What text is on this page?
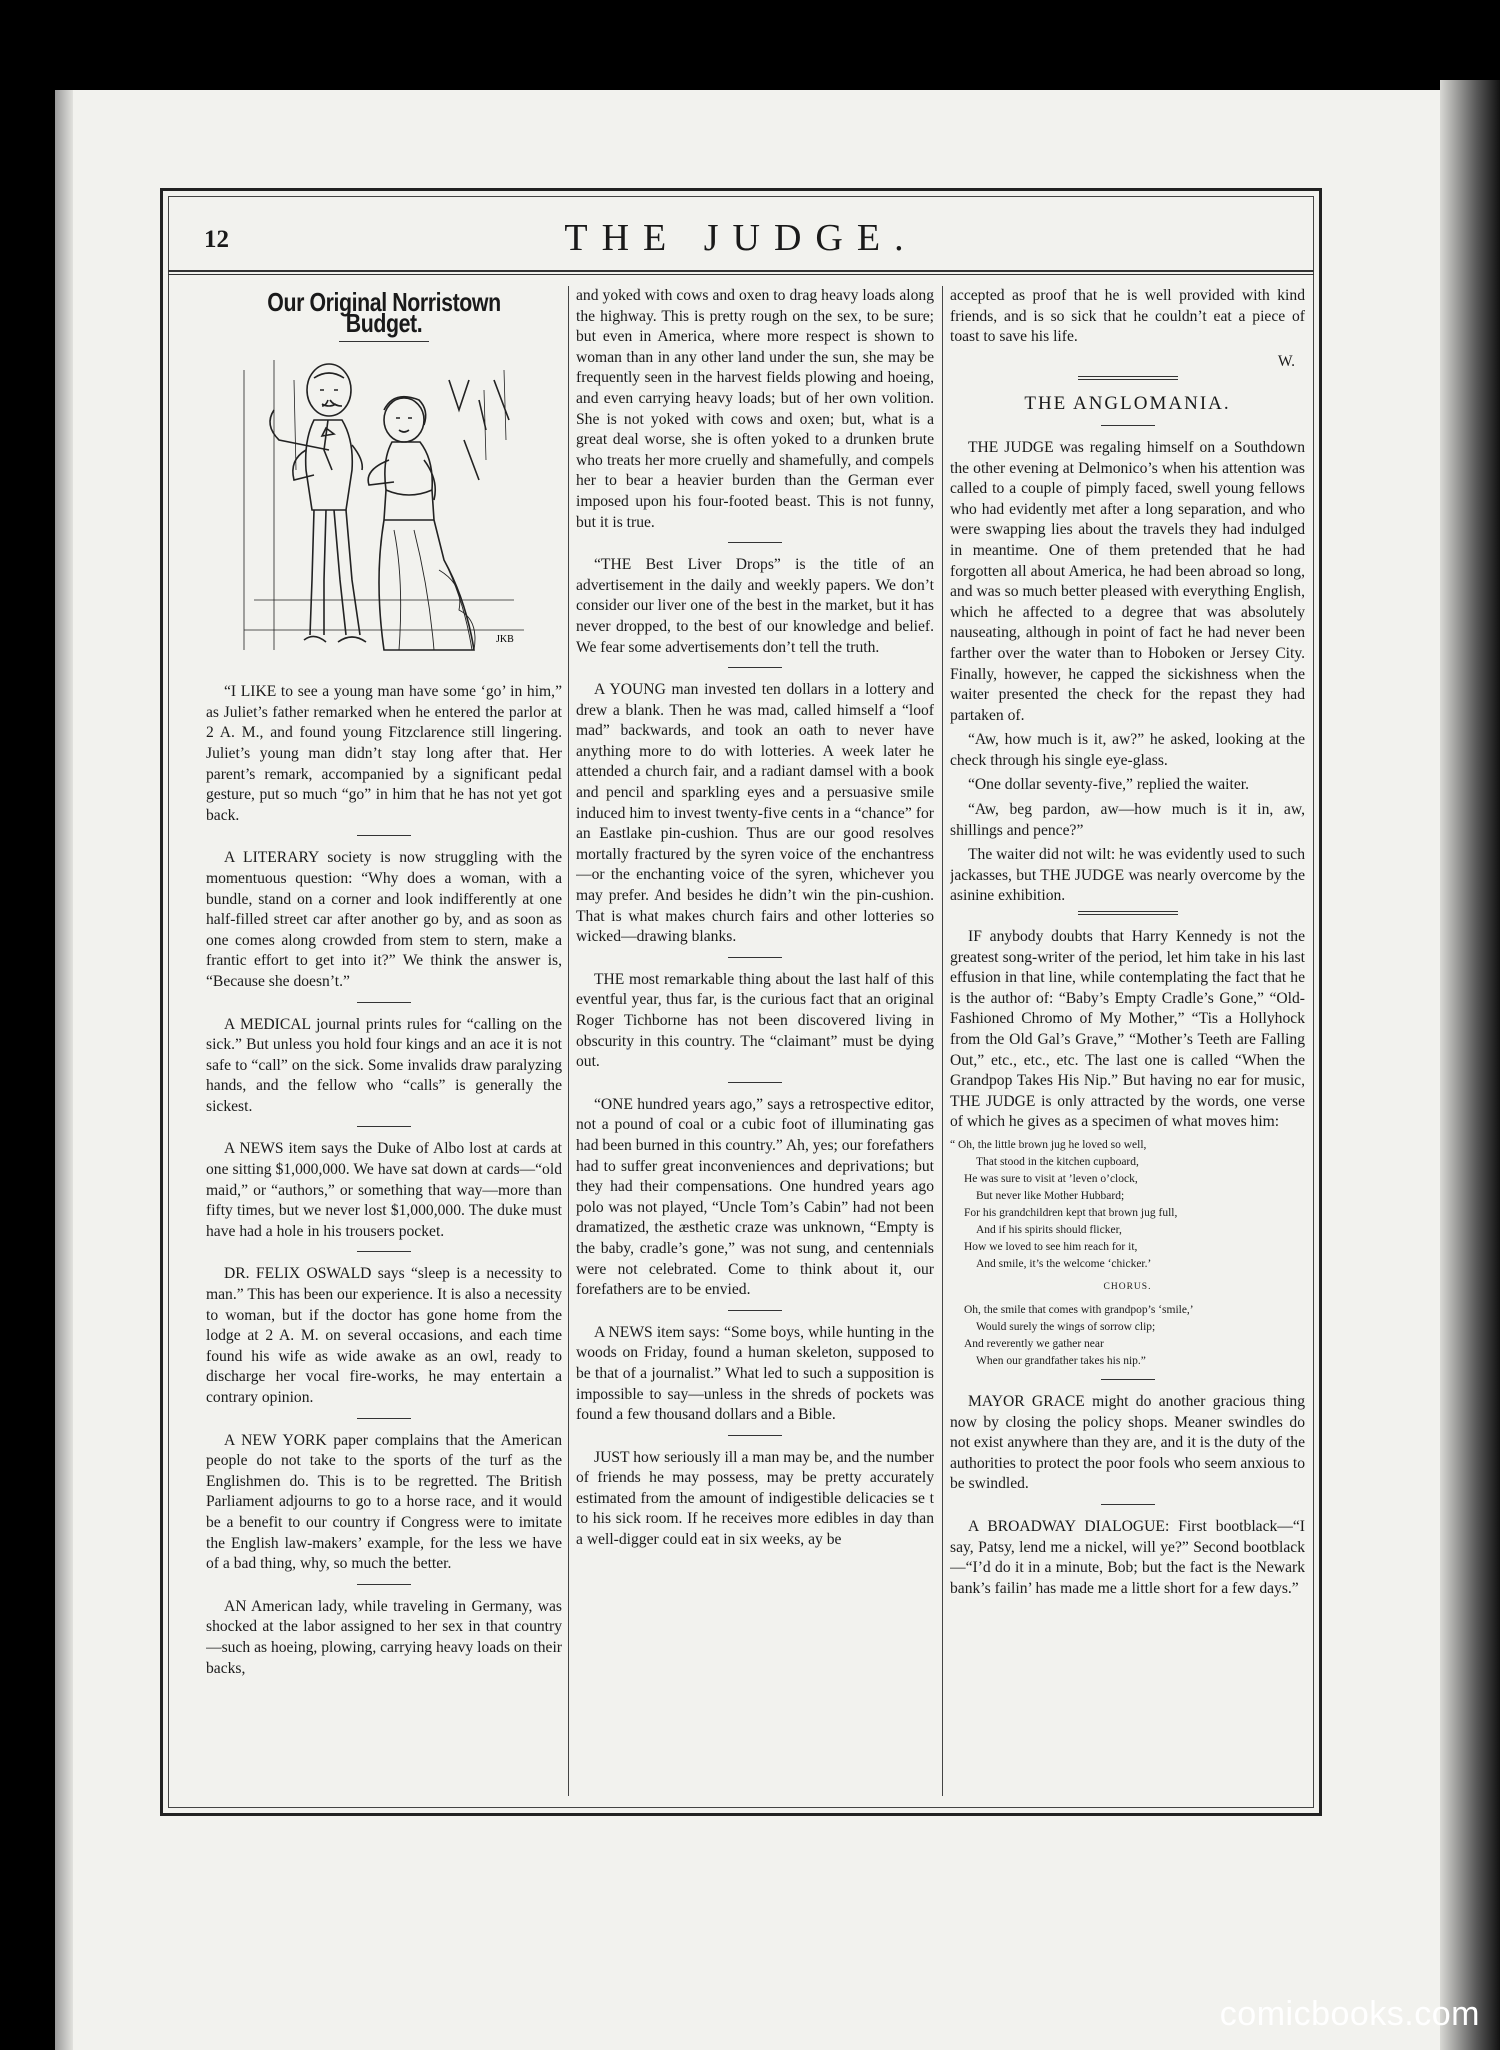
12	THE JUDGE.
Our Original Norristown Budget.
JKB

“I LIKE to see a young man have some ‘go’ in him,” as Juliet’s father remarked when he entered the parlor at 2 A. M., and found young Fitzclarence still lingering. Juliet’s young man didn’t stay long after that. Her parent’s remark, accompanied by a significant pedal gesture, put so much “go” in him that he has not yet got back.

A LITERARY society is now struggling with the momentuous question: “Why does a woman, with a bundle, stand on a corner and look indifferently at one half-filled street car after another go by, and as soon as one comes along crowded from stem to stern, make a frantic effort to get into it?” We think the answer is, “Because she doesn’t.”

A MEDICAL journal prints rules for “calling on the sick.” But unless you hold four kings and an ace it is not safe to “call” on the sick. Some invalids draw paralyzing hands, and the fellow who “calls” is generally the sickest.

A NEWS item says the Duke of Albo lost at cards at one sitting $1,000,000. We have sat down at cards—“old maid,” or “authors,” or something that way—more than fifty times, but we never lost $1,000,000. The duke must have had a hole in his trousers pocket.

DR. FELIX OSWALD says “sleep is a necessity to man.” This has been our experience. It is also a necessity to woman, but if the doctor has gone home from the lodge at 2 A. M. on several occasions, and each time found his wife as wide awake as an owl, ready to discharge her vocal fire-works, he may entertain a contrary opinion.

A NEW YORK paper complains that the American people do not take to the sports of the turf as the Englishmen do. This is to be regretted. The British Parliament adjourns to go to a horse race, and it would be a benefit to our country if Congress were to imitate the English law-makers’ example, for the less we have of a bad thing, why, so much the better.

AN American lady, while traveling in Germany, was shocked at the labor assigned to her sex in that country—such as hoeing, plowing, carrying heavy loads on their backs,

and yoked with cows and oxen to drag heavy loads along the highway. This is pretty rough on the sex, to be sure; but even in America, where more respect is shown to woman than in any other land under the sun, she may be frequently seen in the harvest fields plowing and hoeing, and even carrying heavy loads; but of her own volition. She is not yoked with cows and oxen; but, what is a great deal worse, she is often yoked to a drunken brute who treats her more cruelly and shamefully, and compels her to bear a heavier burden than the German ever imposed upon his four-footed beast. This is not funny, but it is true.

“THE Best Liver Drops” is the title of an advertisement in the daily and weekly papers. We don’t consider our liver one of the best in the market, but it has never dropped, to the best of our knowledge and belief. We fear some advertisements don’t tell the truth.

A YOUNG man invested ten dollars in a lottery and drew a blank. Then he was mad, called himself a “loof mad” backwards, and took an oath to never have anything more to do with lotteries. A week later he attended a church fair, and a radiant damsel with a book and pencil and sparkling eyes and a persuasive smile induced him to invest twenty-five cents in a “chance” for an Eastlake pin-cushion. Thus are our good resolves mortally fractured by the syren voice of the enchantress—or the enchanting voice of the syren, whichever you may prefer. And besides he didn’t win the pin-cushion. That is what makes church fairs and other lotteries so wicked—drawing blanks.

THE most remarkable thing about the last half of this eventful year, thus far, is the curious fact that an original Roger Tichborne has not been discovered living in obscurity in this country. The “claimant” must be dying out.

“ONE hundred years ago,” says a retrospective editor, not a pound of coal or a cubic foot of illuminating gas had been burned in this country.” Ah, yes; our forefathers had to suffer great inconveniences and deprivations; but they had their compensations. One hundred years ago polo was not played, “Uncle Tom’s Cabin” had not been dramatized, the æsthetic craze was unknown, “Empty is the baby, cradle’s gone,” was not sung, and centennials were not celebrated. Come to think about it, our forefathers are to be envied.

A NEWS item says: “Some boys, while hunting in the woods on Friday, found a human skeleton, supposed to be that of a journalist.” What led to such a supposition is impossible to say—unless in the shreds of pockets was found a few thousand dollars and a Bible.

JUST how seriously ill a man may be, and the number of friends he may possess, may be pretty accurately estimated from the amount of indigestible delicacies se t to his sick room. If he receives more edibles in day than a well-digger could eat in six weeks, ay be

accepted as proof that he is well provided with kind friends, and is so sick that he couldn’t eat a piece of toast to save his life.

W.
THE ANGLOMANIA.

THE JUDGE was regaling himself on a Southdown the other evening at Delmonico’s when his attention was called to a couple of pimply faced, swell young fellows who had evidently met after a long separation, and who were swapping lies about the travels they had indulged in meantime. One of them pretended that he had forgotten all about America, he had been abroad so long, and was so much better pleased with everything English, which he affected to a degree that was absolutely nauseating, although in point of fact he had never been farther over the water than to Hoboken or Jersey City. Finally, however, he capped the sickishness when the waiter presented the check for the repast they had partaken of.

“Aw, how much is it, aw?” he asked, looking at the check through his single eye-glass.

“One dollar seventy-five,” replied the waiter.

“Aw, beg pardon, aw—how much is it in, aw, shillings and pence?”

The waiter did not wilt: he was evidently used to such jackasses, but THE JUDGE was nearly overcome by the asinine exhibition.

IF anybody doubts that Harry Kennedy is not the greatest song-writer of the period, let him take in his last effusion in that line, while contemplating the fact that he is the author of: “Baby’s Empty Cradle’s Gone,” “Old-Fashioned Chromo of My Mother,” “Tis a Hollyhock from the Old Gal’s Grave,” “Mother’s Teeth are Falling Out,” etc., etc., etc. The last one is called “When the Grandpop Takes His Nip.” But having no ear for music, THE JUDGE is only attracted by the words, one verse of which he gives as a specimen of what moves him:

“ Oh, the little brown jug he loved so well,
That stood in the kitchen cupboard,
He was sure to visit at ’leven o’clock,
But never like Mother Hubbard;
For his grandchildren kept that brown jug full,
And if his spirits should flicker,
How we loved to see him reach for it,
And smile, it’s the welcome ‘chicker.’
CHORUS.
Oh, the smile that comes with grandpop’s ‘smile,’
Would surely the wings of sorrow clip;
And reverently we gather near
When our grandfather takes his nip.”

MAYOR GRACE might do another gracious thing now by closing the policy shops. Meaner swindles do not exist anywhere than they are, and it is the duty of the authorities to protect the poor fools who seem anxious to be swindled.

A BROADWAY DIALOGUE: First bootblack—“I say, Patsy, lend me a nickel, will ye?” Second bootblack—“I’d do it in a minute, Bob; but the fact is the Newark bank’s failin’ has made me a little short for a few days.”

comicbooks.com
